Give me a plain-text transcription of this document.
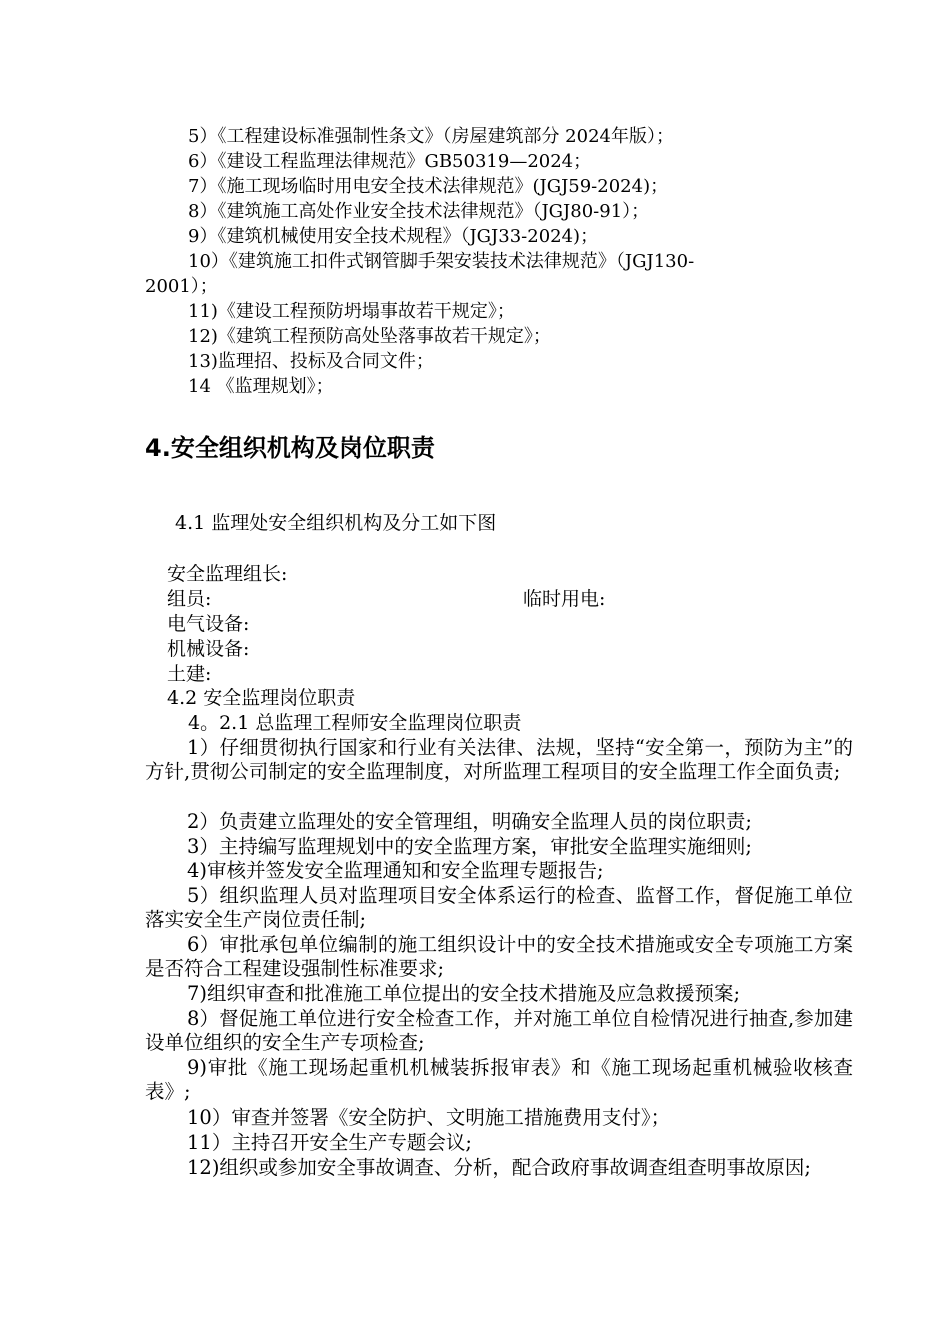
5）《工程建设标准强制性条文》（房屋建筑部分 2024年版）；
6）《建设工程监理法律规范》GB50319—2024；
7）《施工现场临时用电安全技术法律规范》(JGJ59-2024)；
8）《建筑施工高处作业安全技术法律规范》（JGJ80-91）；
9）《建筑机械使用安全技术规程》（JGJ33-2024)；
10）《建筑施工扣件式钢管脚手架安装技术法律规范》（JGJ130-
2001）；
11)《建设工程预防坍塌事故若干规定》；
12)《建筑工程预防高处坠落事故若干规定》；
13)监理招、投标及合同文件；
14 《监理规划》；
4.安全组织机构及岗位职责
4.1 监理处安全组织机构及分工如下图
安全监理组长:
组员:	临时用电:
电气设备:
机械设备:
土建:
4.2 安全监理岗位职责
4。2.1 总监理工程师安全监理岗位职责
1）仔细贯彻执行国家和行业有关法律、法规，坚持“安全第一，预防为主”的方针,贯彻公司制定的安全监理制度，对所监理工程项目的安全监理工作全面负责;
2）负责建立监理处的安全管理组，明确安全监理人员的岗位职责;
3）主持编写监理规划中的安全监理方案，审批安全监理实施细则;
4)审核并签发安全监理通知和安全监理专题报告;
5）组织监理人员对监理项目安全体系运行的检查、监督工作，督促施工单位落实安全生产岗位责任制;
6）审批承包单位编制的施工组织设计中的安全技术措施或安全专项施工方案是否符合工程建设强制性标准要求;
7)组织审查和批准施工单位提出的安全技术措施及应急救援预案;
8）督促施工单位进行安全检查工作，并对施工单位自检情况进行抽查,参加建设单位组织的安全生产专项检查;
9)审批《施工现场起重机机械装拆报审表》和《施工现场起重机械验收核查表》;
10）审查并签署《安全防护、文明施工措施费用支付》；
11）主持召开安全生产专题会议;
12)组织或参加安全事故调查、分析，配合政府事故调查组查明事故原因;
